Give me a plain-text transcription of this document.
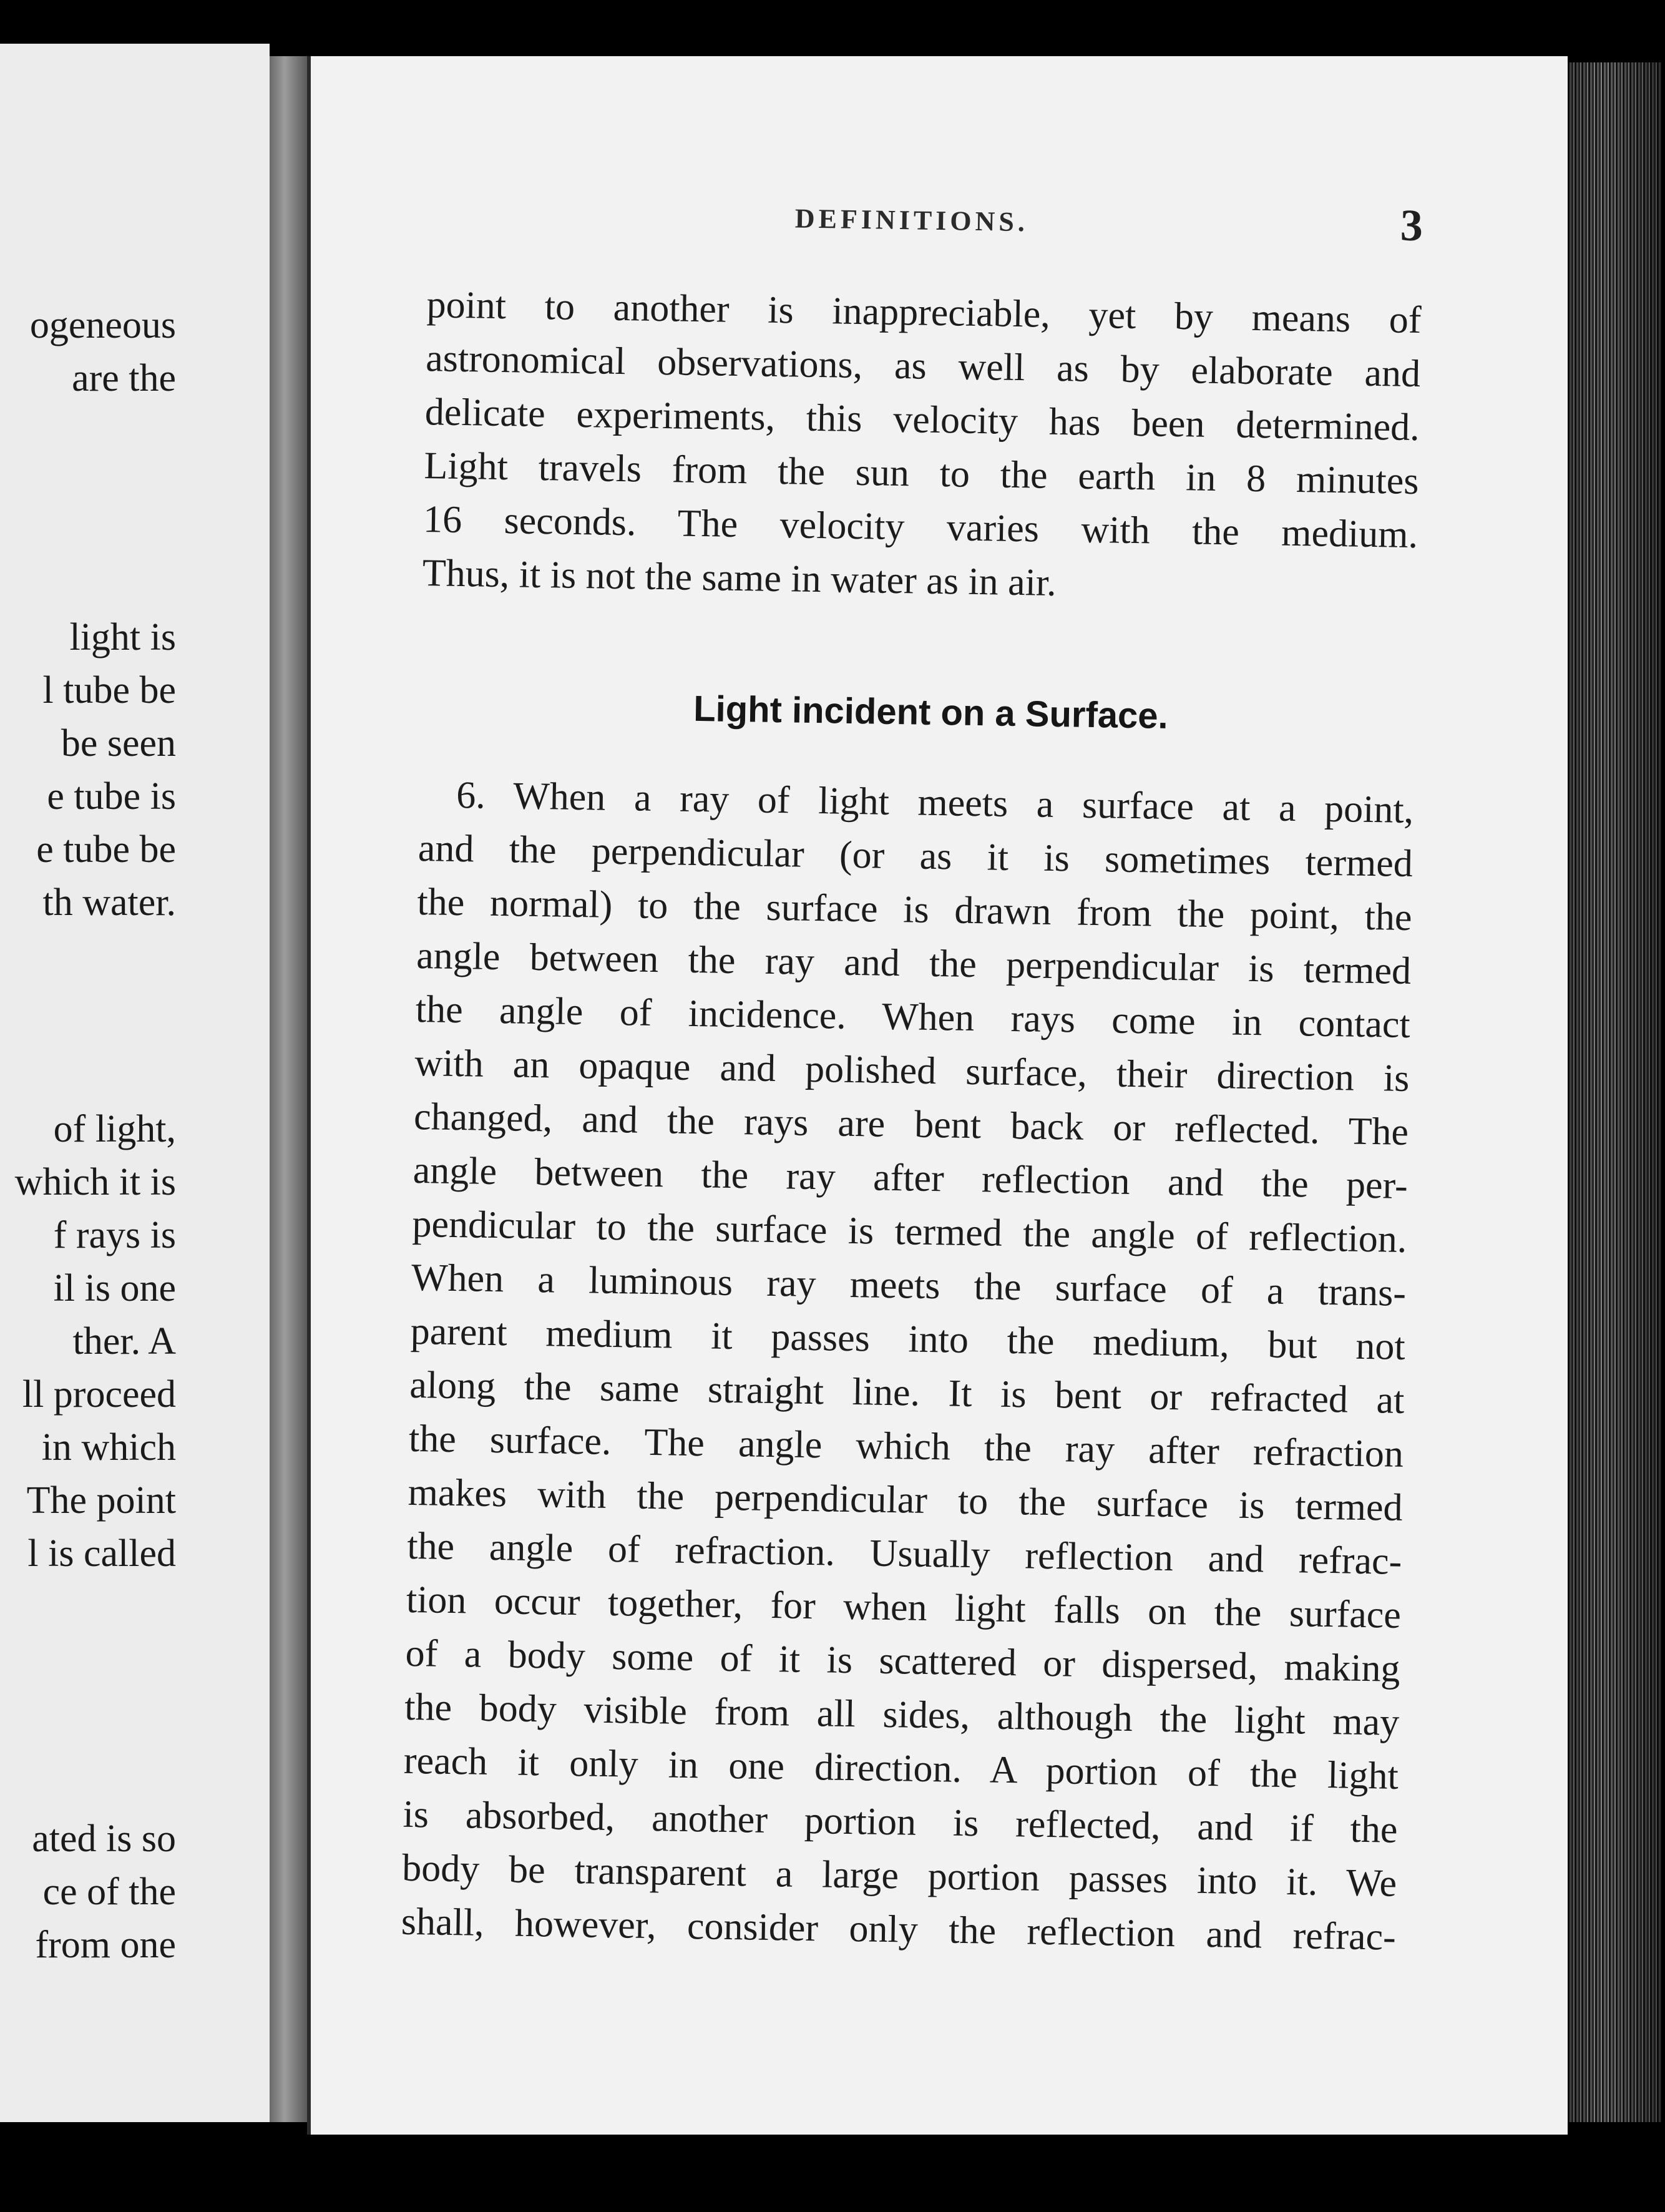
ogeneous
are the
light is
l tube be
be seen
e tube is
e tube be
th water.
of light,
which it is
f rays is
il is one
ther. A
ll proceed
in which
The point
l is called
ated is so
ce of the
from one
DEFINITIONS.	3
point to another is inappreciable, yet by means of
astronomical observations, as well as by elaborate and
delicate experiments, this velocity has been determined.
Light travels from the sun to the earth in 8 minutes
16 seconds. The velocity varies with the medium.
Thus, it is not the same in water as in air.
Light incident on a Surface.
6. When a ray of light meets a surface at a point,
and the perpendicular (or as it is sometimes termed
the normal) to the surface is drawn from the point, the
angle between the ray and the perpendicular is termed
the angle of incidence. When rays come in contact
with an opaque and polished surface, their direction is
changed, and the rays are bent back or reflected. The
angle between the ray after reflection and the per-
pendicular to the surface is termed the angle of reflection.
When a luminous ray meets the surface of a trans-
parent medium it passes into the medium, but not
along the same straight line. It is bent or refracted at
the surface. The angle which the ray after refraction
makes with the perpendicular to the surface is termed
the angle of refraction. Usually reflection and refrac-
tion occur together, for when light falls on the surface
of a body some of it is scattered or dispersed, making
the body visible from all sides, although the light may
reach it only in one direction. A portion of the light
is absorbed, another portion is reflected, and if the
body be transparent a large portion passes into it. We
shall, however, consider only the reflection and refrac-
